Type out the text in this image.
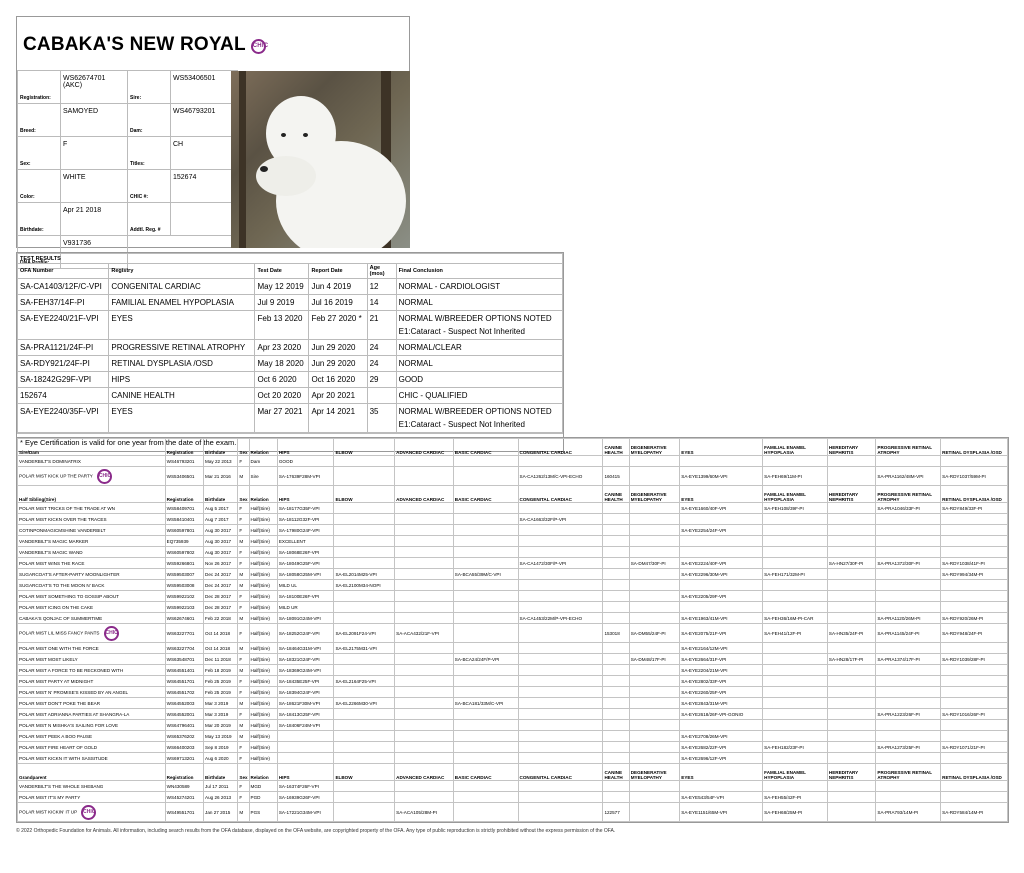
CABAKA'S NEW ROYAL CHIC
Registration:	WS62674701 (AKC)	Sire:	WS53406501
Breed:	SAMOYED	Dam:	WS46793201
Sex:	F	Titles:	CH
Color:	WHITE	CHIC #:	152674
Birthdate:	Apr 21 2018	Addtl. Reg. #	
DNA Profile:	V931736		
TEST RESULTS					
OFA Number	Registry	Test Date	Report Date	Age (mos)	Final Conclusion
SA-CA1403/12F/C-VPI	CONGENITAL CARDIAC	May 12 2019	Jun 4 2019	12	NORMAL - CARDIOLOGIST
SA-FEH37/14F-PI	FAMILIAL ENAMEL HYPOPLASIA	Jul 9 2019	Jul 16 2019	14	NORMAL
SA-EYE2240/21F-VPI	EYES	Feb 13 2020	Feb 27 2020 *	21	NORMAL W/BREEDER OPTIONS NOTED
E1:Cataract - Suspect Not Inherited

SA-PRA1121/24F-PI	PROGRESSIVE RETINAL ATROPHY	Apr 23 2020	Jun 29 2020	24	NORMAL/CLEAR
SA-RDY921/24F-PI	RETINAL DYSPLASIA /OSD	May 18 2020	Jun 29 2020	24	NORMAL
SA-18242G29F-VPI	HIPS	Oct 6 2020	Oct 16 2020	29	GOOD
152674	CANINE HEALTH	Oct 20 2020	Apr 20 2021		CHIC - QUALIFIED
SA-EYE2240/35F-VPI	EYES	Mar 27 2021	Apr 14 2021	35	NORMAL W/BREEDER OPTIONS NOTED
E1:Cataract - Suspect Not Inherited
* Eye Certification is valid for one year from the date of the exam.
Sire/Dam	Registration	Birthdate	Sex	Relation	HIPS	ELBOW	ADVANCED CARDIAC	BASIC CARDIAC	CONGENITAL CARDIAC	CANINE HEALTH	DEGENERATIVE MYELOPATHY	EYES	FAMILIAL ENAMEL HYPOPLASIA	HEREDITARY NEPHRITIS	PROGRESSIVE RETINAL ATROPHY	RETINAL DYSPLASIA /OSD
VANDERBILT'S DOMINATRIX	WS46793201	May 22 2013	F	Dam	GOOD											
POLAR MIST KICK UP THE PARTY CHIC	WS53406501	Mar 21 2016	M	Sire	SA-17639F28M-VPI				SA-CA1262/13M/C-VPI-ECHO	160415		SA-EYE1399/60M-VPI	SA-FEH69/11M-PI		SA-PRA1162/48M-VPI	SA-RDY1037/59M-PI
Half Sibling(Sire)	Registration	Birthdate	Sex	Relation	HIPS	ELBOW	ADVANCED CARDIAC	BASIC CARDIAC	CONGENITAL CARDIAC	CANINE HEALTH	DEGENERATIVE MYELOPATHY	EYES	FAMILIAL ENAMEL HYPOPLASIA	HEREDITARY NEPHRITIS	PROGRESSIVE RETINAL ATROPHY	RETINAL DYSPLASIA /OSD
POLAR MIST TRICKS OF THE TRADE AT WN	WS58409701	Aug 5 2017	F	Half(Sire)	SA-18177G35F-VPI							SA-EYE1660/40F-VPI	SA-FEH108/39F-PI		SA-PRA1046/33F-PI	SA-RDY849/33F-PI
POLAR MIST KICKN OVER THE TRACES	WS58410401	Aug 7 2017	F	Half(Sire)	SA-18112G32F-VPI				SA-CA1663/32F/P-VPI							
COTINPONMAGICMSHINE VANDERBILT	WS60597801	Aug 30 2017	F	Half(Sire)	SA-17980G24F-VPI							SA-EYE2254/24F-VPI				
VANDERBILT'S MAGIC MARKER	EQ735939	Aug 30 2017	M	Half(Sire)	EXCELLENT											
VANDERBILT'S MAGIC WAND	WS60597802	Aug 30 2017	F	Half(Sire)	SA-18068E26F-VPI											
POLAR MIST WINS THE RACE	WS59266801	Nov 26 2017	F	Half(Sire)	SA-18049G25F-VPI				SA-CA1472/30F/P-VPI		SA-DM47/30F-PI	SA-EYE2224/40F-VPI		SA-HN27/30F-PI	SA-PRA1372/30F-PI	SA-RDY1038/41F-PI
SUGARCOAT'S AFTER-PARTY MOONLIGHTER	WS59503007	Dec 24 2017	M	Half(Sire)	SA-18058G25M-VPI	SA-EL2014M25-VPI		SA-BCA55/39M/C-VPI				SA-EYE2296/30M-VPI	SA-FEH171/32M-PI			SA-RDY994/34M-PI
SUGARCOAT'S TO THE MOON N' BACK	WS59503008	Dec 24 2017	M	Half(Sire)	MILD UL	SA-EL2100M34-NOPI										
POLAR MIST SOMETHING TO GOSSIP ABOUT	WS59922102	Dec 28 2017	F	Half(Sire)	SA-18100E26F-VPI							SA-EYE2205/29F-VPI				
POLAR MIST ICING ON THE CAKE	WS59922103	Dec 28 2017	F	Half(Sire)	MILD UR											
CABAKA'S QONJAC OF SUMMERTIME	WS62674601	Feb 22 2018	M	Half(Sire)	SA-18091G24M-VPI				SA-CA1453/22M/P-VPI-ECHO			SA-EYE1963/41M-VPI	SA-FEH36/16M-PI-CAR		SA-PRA1120/26M-PI	SA-RDY920/26M-PI
POLAR MIST LIL MISS FANCY PANTS CHIC	WS63227701	Oct 14 2018	F	Half(Sire)	SA-18252G24F-VPI	SA-EL2091F24-VPI	SA-ACA432/21F-VPI			153018	SA-DM55/24F-PI	SA-EYE2075/21F-VPI	SA-FEH41/12F-PI	SA-HN35/24F-PI	SA-PRA1145/24F-PI	SA-RDY948/24F-PI
POLAR MIST ONE WITH THE FORCE	WS63227704	Oct 14 2018	M	Half(Sire)	SA-18464G31M-VPI	SA-EL2175M31-VPI						SA-EYE2164/12M-VPI				
POLAR MIST MOST LIKELY	WS63548701	Dec 11 2018	F	Half(Sire)	SA-18321G24F-VPI			SA-BCA24/24F/P-VPI			SA-DM48/17F-PI	SA-EYE2664/31F-VPI		SA-HN28/17F-PI	SA-PRA1374/17F-PI	SA-RDY1039/28F-PI
POLAR MIST A FORCE TO BE RECKONED WITH	WS64551401	Feb 18 2019	M	Half(Sire)	SA-18369G24M-VPI							SA-EYE2204/21M-VPI				
POLAR MIST PARTY AT MIDNIGHT	WS64551701	Feb 25 2019	F	Half(Sire)	SA-18435E25F-VPI	SA-EL2164F25-VPI						SA-EYE2802/33F-VPI				
POLAR MIST N' PROMISE'S KISSED BY AN ANGEL	WS64551702	Feb 25 2019	F	Half(Sire)	SA-18394G24F-VPI							SA-EYE2260/25F-VPI				
POLAR MIST DON'T POKE THE BEAR	WS64552003	Mar 3 2019	M	Half(Sire)	SA-18621F30M-VPI	SA-EL2266M30-VPI		SA-BCA181/33M/C-VPI				SA-EYE2843/31M-VPI				
POLAR MIST ADRIANNA PARTIES AT SHANGRA-LA	WS64552001	Mar 3 2019	F	Half(Sire)	SA-18413G25F-VPI							SA-EYE2618/26F-VPI-GONIO			SA-PRA1223/26F-PI	SA-RDY1016/26F-PI
POLAR MIST N MISHKA'S SAILING FOR LOVE	WS64796401	Mar 20 2019	M	Half(Sire)	SA-18406F24M-VPI											
POLAR MIST PEEK A BOO PAUSE	WS65376202	May 13 2019	M	Half(Sire)								SA-EYE2708/26M-VPI				
POLAR MIST FIRE HEART OF GOLD	WS66400203	Sep 8 2019	F	Half(Sire)								SA-EYE2682/22F-VPI	SA-FEH182/23F-PI		SA-PRA1273/25F-PI	SA-RDY1071/21F-PI
POLAR MIST KICKN IT WITH SASSITUDE	WS69713201	Aug 6 2020	F	Half(Sire)								SA-EYE2696/12F-VPI				
Grandparent	Registration	Birthdate	Sex	Relation	HIPS	ELBOW	ADVANCED CARDIAC	BASIC CARDIAC	CONGENITAL CARDIAC	CANINE HEALTH	DEGENERATIVE MYELOPATHY	EYES	FAMILIAL ENAMEL HYPOPLASIA	HEREDITARY NEPHRITIS	PROGRESSIVE RETINAL ATROPHY	RETINAL DYSPLASIA /OSD
VANDERBILT'S THE WHOLE SHEBANG	WN430589	Jul 17 2011	F	MGD	SA-16374F26F-VPI											
POLAR MIST IT'S MY PARTY	WS45274201	Aug 26 2013	F	PGD	SA-16939G26F-VPI							SA-EYE543/54F-VPI	SA-FEH55/42F-PI			
POLAR MIST KICKIN' IT UP CHIC	WS49551701	Jan 27 2015	M	PGS	SA-17221G34M-VPI		SA-ACA105/28M-PI			122577		SA-EYE1151/65M-VPI	SA-FEH68/25M-PI		SA-PRA793/14M-PI	SA-RDY584/14M-PI
© 2022 Orthopedic Foundation for Animals. All information, including search results from the OFA database, displayed on the OFA website, are copyrighted property of the OFA. Any type of public reproduction is strictly prohibited without the express permission of the OFA.
